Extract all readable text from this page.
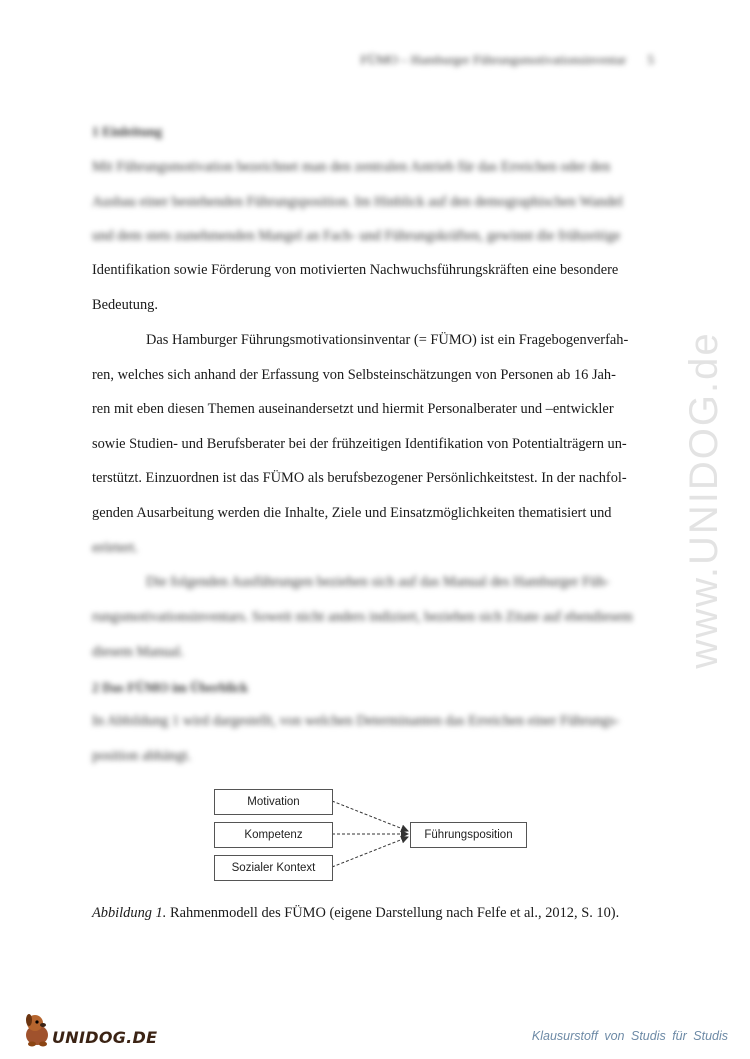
www.UNIDOG.de
FÜMO – Hamburger Führungsmotivationsinventar 5
1 Einleitung
Mit Führungsmotivation bezeichnet man den zentralen Antrieb für das Erreichen oder den
Ausbau einer bestehenden Führungsposition. Im Hinblick auf den demographischen Wandel
und dem stets zunehmenden Mangel an Fach- und Führungskräften, gewinnt die frühzeitige
Identifikation sowie Förderung von motivierten Nachwuchsführungskräften eine besondere
Bedeutung.
Das Hamburger Führungsmotivationsinventar (= FÜMO) ist ein Fragebogenverfah-
ren, welches sich anhand der Erfassung von Selbsteinschätzungen von Personen ab 16 Jah-
ren mit eben diesen Themen auseinandersetzt und hiermit Personalberater und –entwickler
sowie Studien- und Berufsberater bei der frühzeitigen Identifikation von Potentialträgern un-
terstützt. Einzuordnen ist das FÜMO als berufsbezogener Persönlichkeitstest. In der nachfol-
genden Ausarbeitung werden die Inhalte, Ziele und Einsatzmöglichkeiten thematisiert und
erörtert.
Die folgenden Ausführungen beziehen sich auf das Manual des Hamburger Füh-
rungsmotivationsinventars. Soweit nicht anders indiziert, beziehen sich Zitate auf ebendiesem
diesem Manual.
2 Das FÜMO im Überblick
In Abbildung 1 wird dargestellt, von welchen Determinanten das Erreichen einer Führungs-
position abhängt.
Motivation
Kompetenz
Sozialer Kontext
Führungsposition
Abbildung 1. Rahmenmodell des FÜMO (eigene Darstellung nach Felfe et al., 2012, S. 10).
UNIDOG.DE	Klausurstoff von Studis für Studis
